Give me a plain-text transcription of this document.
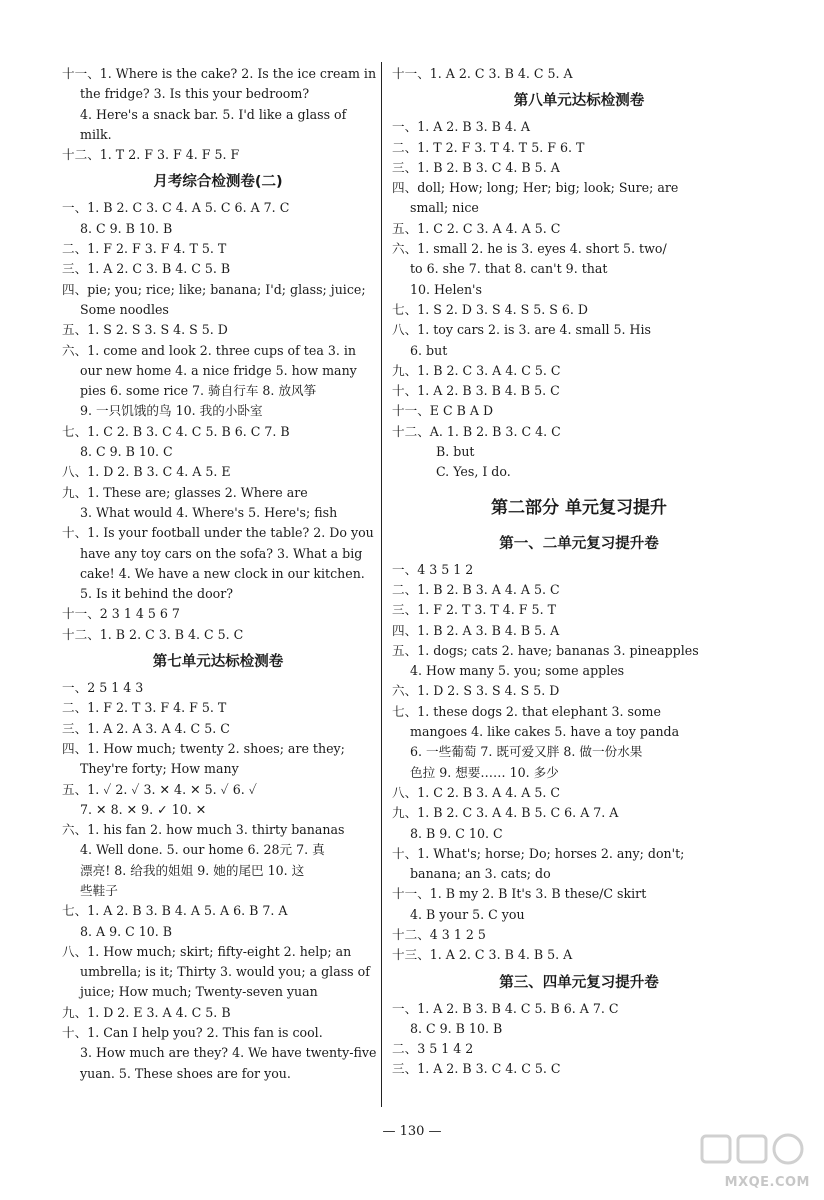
十一、1. Where is the cake? 2. Is the ice cream in
the fridge? 3. Is this your bedroom?
4. Here's a snack bar. 5. I'd like a glass of
milk.
十二、1. T 2. F 3. F 4. F 5. F
月考综合检测卷(二)
一、1. B 2. C 3. C 4. A 5. C 6. A 7. C
8. C 9. B 10. B
二、1. F 2. F 3. F 4. T 5. T
三、1. A 2. C 3. B 4. C 5. B
四、pie; you; rice; like; banana; I'd; glass; juice;
Some noodles
五、1. S 2. S 3. S 4. S 5. D
六、1. come and look 2. three cups of tea 3. in
our new home 4. a nice fridge 5. how many
pies 6. some rice 7. 骑自行车 8. 放风筝
9. 一只饥饿的鸟 10. 我的小卧室
七、1. C 2. B 3. C 4. C 5. B 6. C 7. B
8. C 9. B 10. C
八、1. D 2. B 3. C 4. A 5. E
九、1. These are; glasses 2. Where are
3. What would 4. Where's 5. Here's; fish
十、1. Is your football under the table? 2. Do you
have any toy cars on the sofa? 3. What a big
cake! 4. We have a new clock in our kitchen.
5. Is it behind the door?
十一、2 3 1 4 5 6 7
十二、1. B 2. C 3. B 4. C 5. C
第七单元达标检测卷
一、2 5 1 4 3
二、1. F 2. T 3. F 4. F 5. T
三、1. A 2. A 3. A 4. C 5. C
四、1. How much; twenty 2. shoes; are they;
They're forty; How many
五、1. ✓ 2. ✓ 3. ✕ 4. ✕ 5. ✓ 6. ✓
7. ✕ 8. ✕ 9. ✓ 10. ✕
六、1. his fan 2. how much 3. thirty bananas
4. Well done. 5. our home 6. 28元 7. 真
漂亮! 8. 给我的姐姐 9. 她的尾巴 10. 这
些鞋子
七、1. A 2. B 3. B 4. A 5. A 6. B 7. A
8. A 9. C 10. B
八、1. How much; skirt; fifty-eight 2. help; an
umbrella; is it; Thirty 3. would you; a glass of
juice; How much; Twenty-seven yuan
九、1. D 2. E 3. A 4. C 5. B
十、1. Can I help you? 2. This fan is cool.
3. How much are they? 4. We have twenty-five
yuan. 5. These shoes are for you.
十一、1. A 2. C 3. B 4. C 5. A
第八单元达标检测卷
一、1. A 2. B 3. B 4. A
二、1. T 2. F 3. T 4. T 5. F 6. T
三、1. B 2. B 3. C 4. B 5. A
四、doll; How; long; Her; big; look; Sure; are
small; nice
五、1. C 2. C 3. A 4. A 5. C
六、1. small 2. he is 3. eyes 4. short 5. two/
to 6. she 7. that 8. can't 9. that
10. Helen's
七、1. S 2. D 3. S 4. S 5. S 6. D
八、1. toy cars 2. is 3. are 4. small 5. His
6. but
九、1. B 2. C 3. A 4. C 5. C
十、1. A 2. B 3. B 4. B 5. C
十一、E C B A D
十二、A. 1. B 2. B 3. C 4. C
B. but
C. Yes, I do.
第二部分 单元复习提升
第一、二单元复习提升卷
一、4 3 5 1 2
二、1. B 2. B 3. A 4. A 5. C
三、1. F 2. T 3. T 4. F 5. T
四、1. B 2. A 3. B 4. B 5. A
五、1. dogs; cats 2. have; bananas 3. pineapples
4. How many 5. you; some apples
六、1. D 2. S 3. S 4. S 5. D
七、1. these dogs 2. that elephant 3. some
mangoes 4. like cakes 5. have a toy panda
6. 一些葡萄 7. 既可爱又胖 8. 做一份水果
色拉 9. 想要…… 10. 多少
八、1. C 2. B 3. A 4. A 5. C
九、1. B 2. C 3. A 4. B 5. C 6. A 7. A
8. B 9. C 10. C
十、1. What's; horse; Do; horses 2. any; don't;
banana; an 3. cats; do
十一、1. B my 2. B It's 3. B these/C skirt
4. B your 5. C you
十二、4 3 1 2 5
十三、1. A 2. C 3. B 4. B 5. A
第三、四单元复习提升卷
一、1. A 2. B 3. B 4. C 5. B 6. A 7. C
8. C 9. B 10. B
二、3 5 1 4 2
三、1. A 2. B 3. C 4. C 5. C
— 130 —
MXQE.COM
